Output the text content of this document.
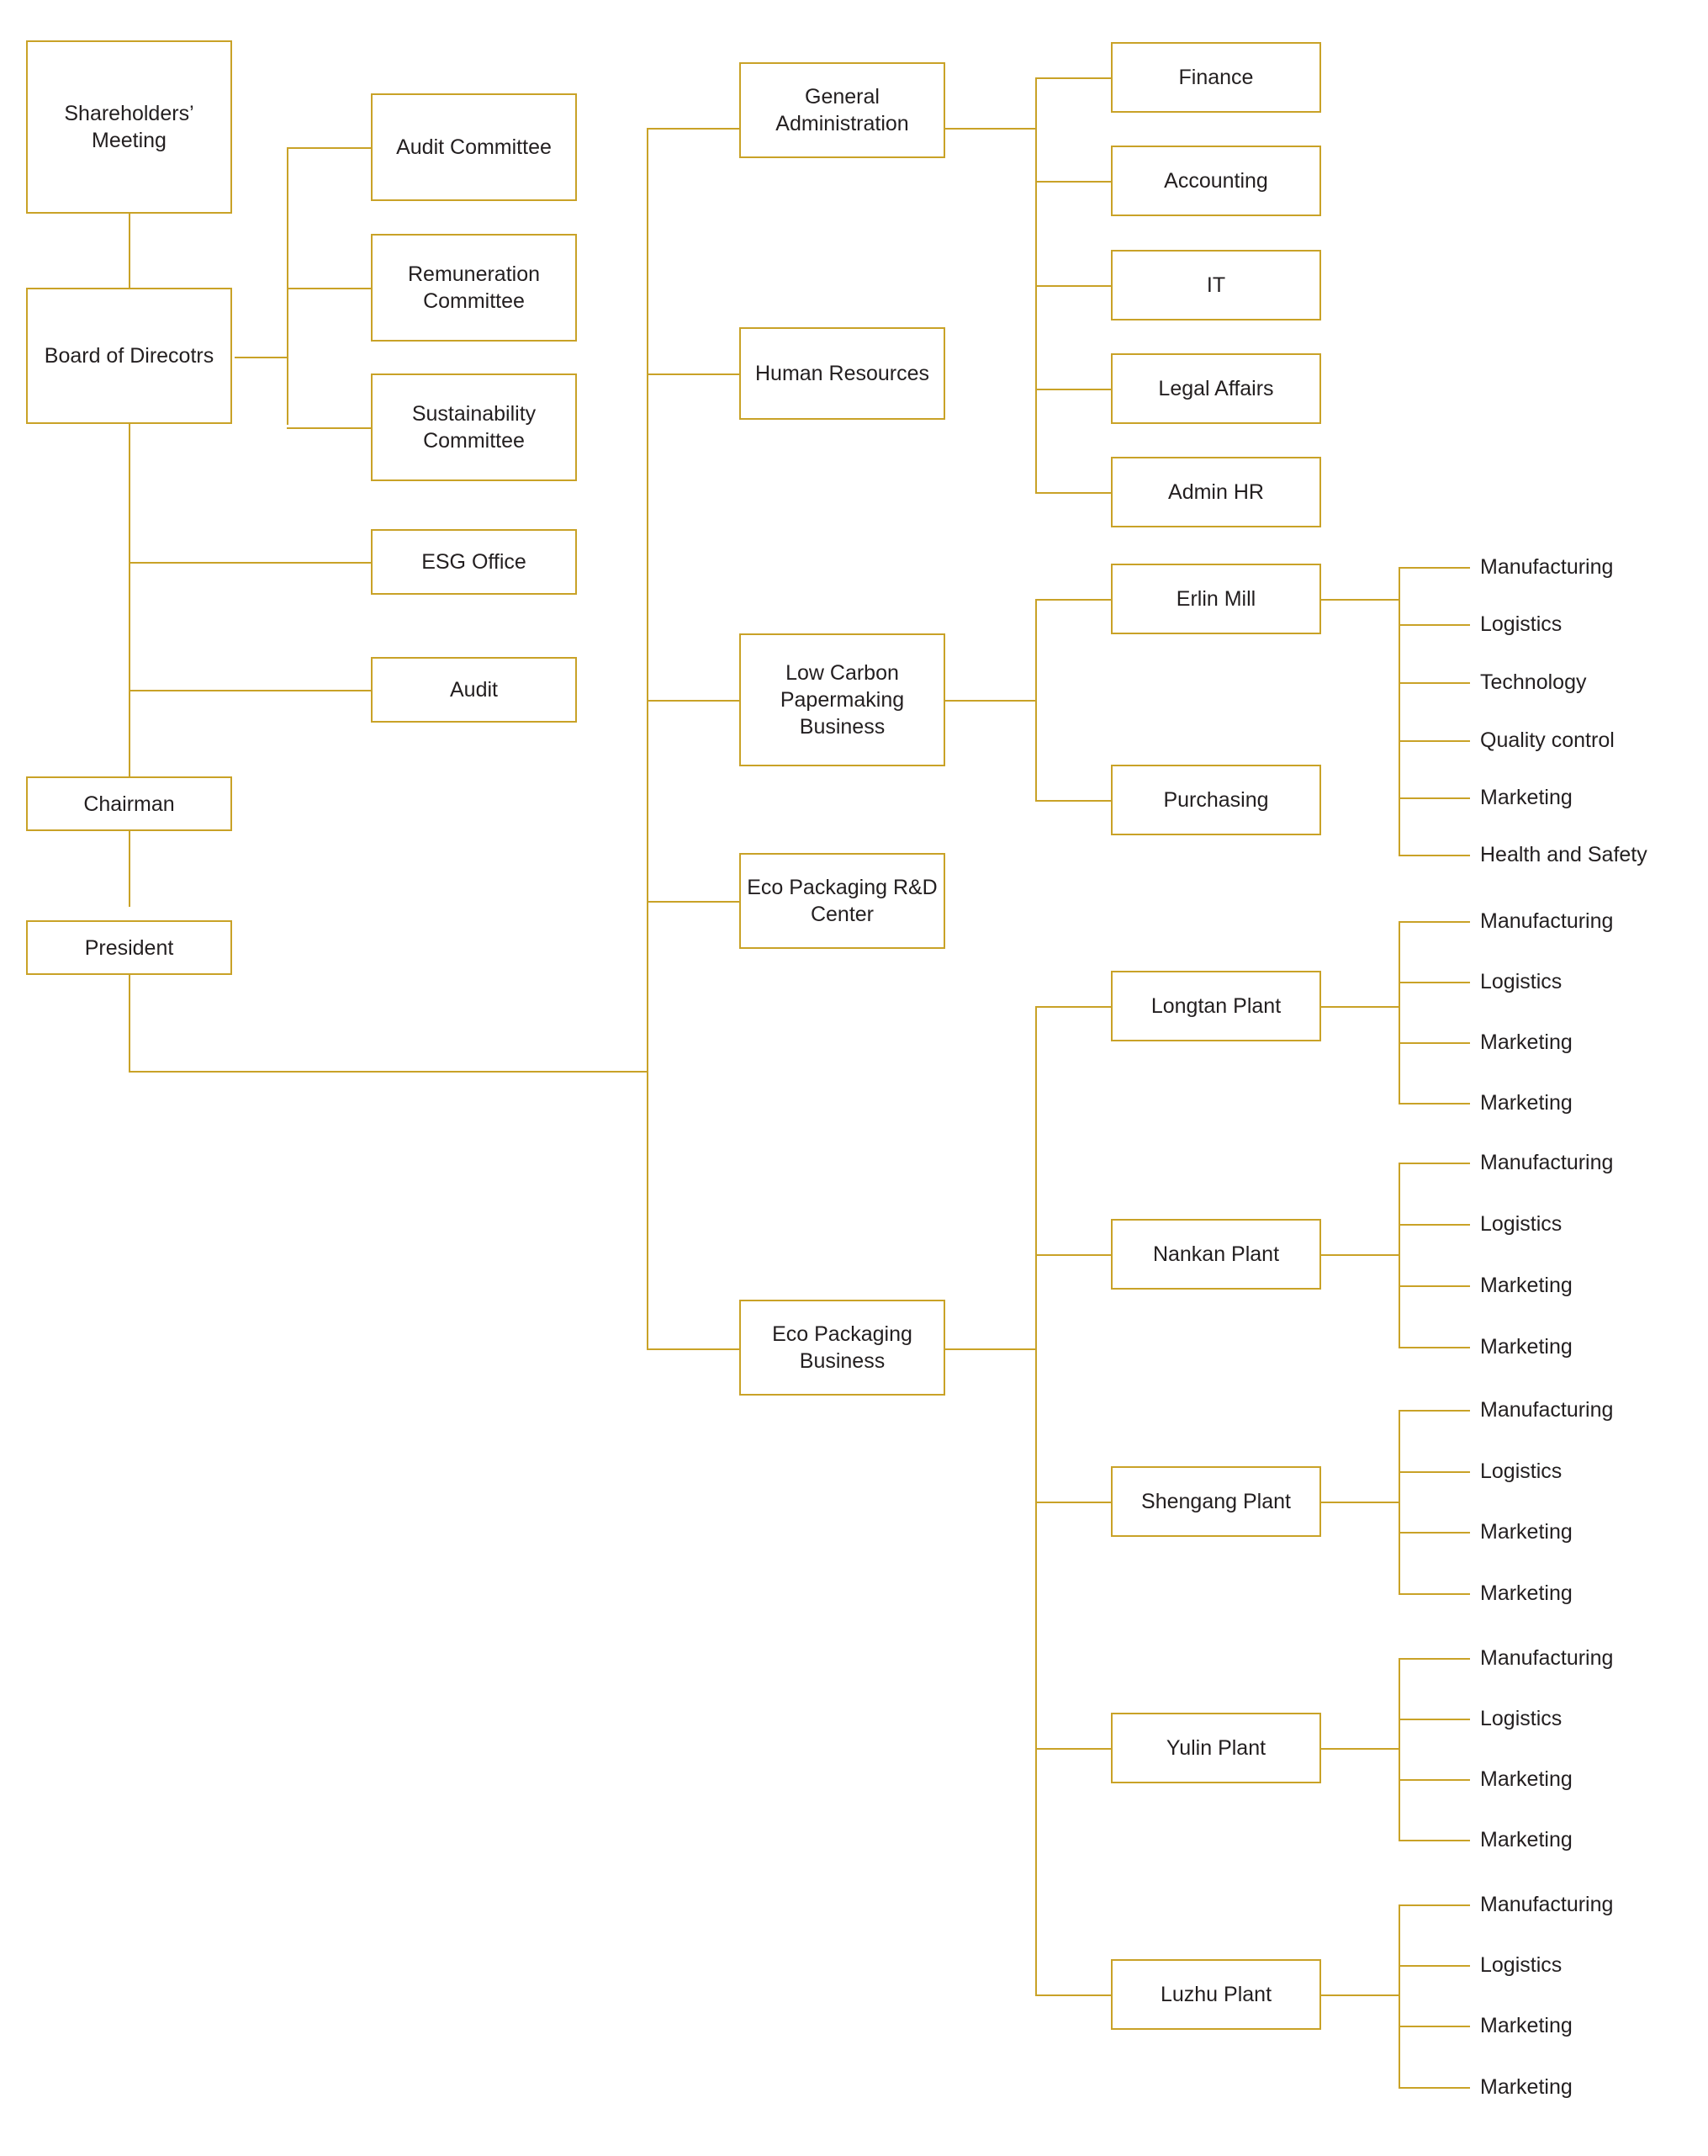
Shareholders’ Meeting
Board of Direcotrs
Audit Committee
Remuneration Committee
Sustainability Committee
ESG Office
Audit
Chairman
President
General Administration
Human Resources
Low Carbon Papermaking Business
Eco Packaging R&D Center
Eco Packaging Business
Finance
Accounting
IT
Legal Affairs
Admin HR
Erlin Mill
Purchasing
Longtan Plant
Nankan Plant
Shengang Plant
Yulin Plant
Luzhu Plant
Manufacturing
Logistics
Technology
Quality control
Marketing
Health and Safety
Manufacturing
Logistics
Marketing
Marketing
Manufacturing
Logistics
Marketing
Marketing
Manufacturing
Logistics
Marketing
Marketing
Manufacturing
Logistics
Marketing
Marketing
Manufacturing
Logistics
Marketing
Marketing
